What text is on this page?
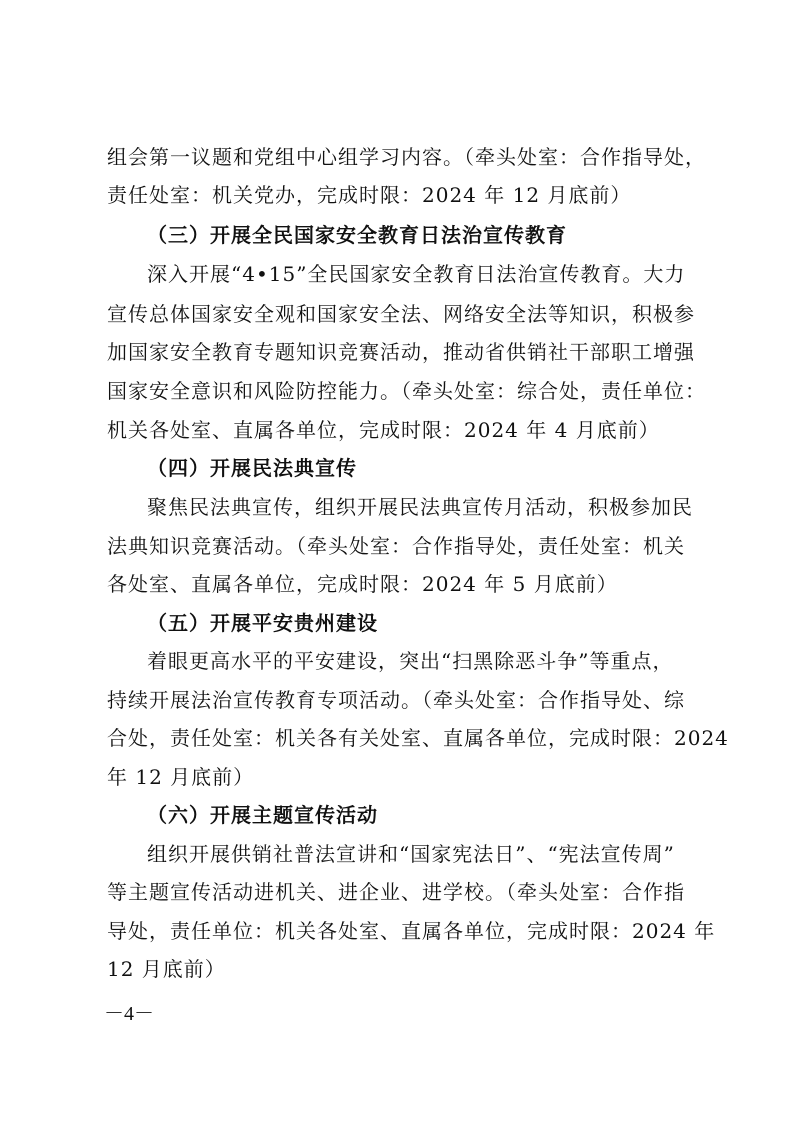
组会第一议题和党组中心组学习内容。（牵头处室：合作指导处，
责任处室：机关党办，完成时限：2024 年 12 月底前）
（三）开展全民国家安全教育日法治宣传教育
深入开展“4•15”全民国家安全教育日法治宣传教育。大力
宣传总体国家安全观和国家安全法、网络安全法等知识，积极参
加国家安全教育专题知识竞赛活动，推动省供销社干部职工增强
国家安全意识和风险防控能力。（牵头处室：综合处，责任单位：
机关各处室、直属各单位，完成时限：2024 年 4 月底前）
（四）开展民法典宣传
聚焦民法典宣传，组织开展民法典宣传月活动，积极参加民
法典知识竞赛活动。（牵头处室：合作指导处，责任处室：机关
各处室、直属各单位，完成时限：2024 年 5 月底前）
（五）开展平安贵州建设
着眼更高水平的平安建设，突出“扫黑除恶斗争”等重点，
持续开展法治宣传教育专项活动。（牵头处室：合作指导处、综
合处，责任处室：机关各有关处室、直属各单位，完成时限：2024
年 12 月底前）
（六）开展主题宣传活动
组织开展供销社普法宣讲和“国家宪法日”、“宪法宣传周”
等主题宣传活动进机关、进企业、进学校。（牵头处室：合作指
导处，责任单位：机关各处室、直属各单位，完成时限：2024 年
12 月底前）
－4－
